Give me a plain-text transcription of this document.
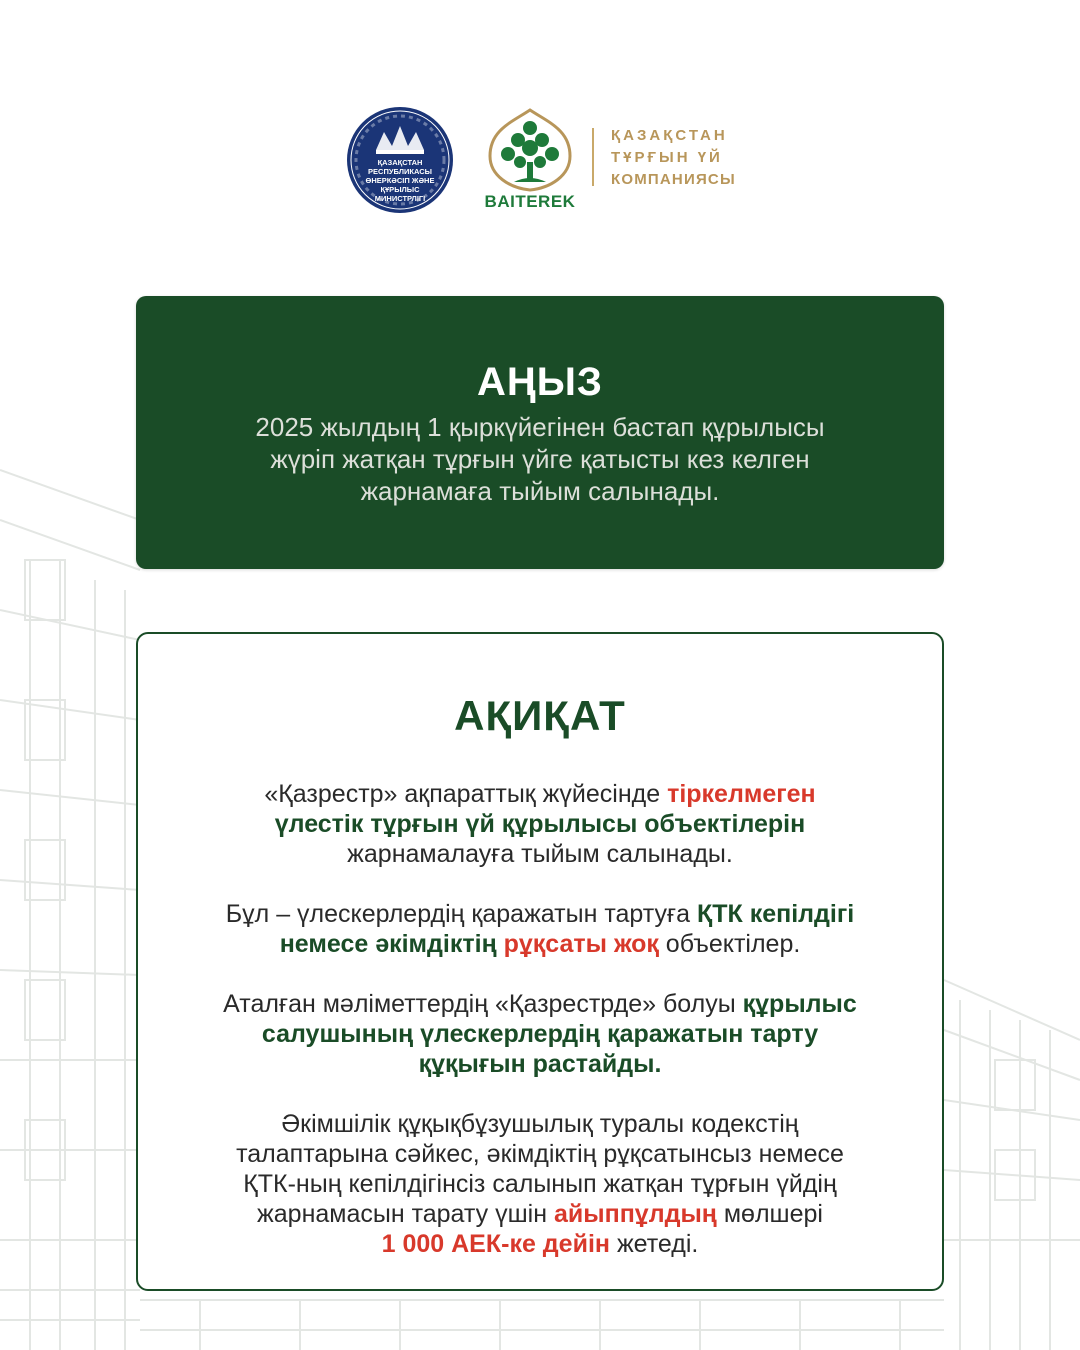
ҚАЗАҚСТАН РЕСПУБЛИКАСЫ
ӨНЕРКӘСІП ЖӘНЕ ҚҰРЫЛЫС
МИНИСТРЛІГІ	BAITEREK
ҚАЗАҚСТАН
ТҰРҒЫН ҮЙ
КОМПАНИЯСЫ
АҢЫЗ
2025 жылдың 1 қыркүйегінен бастап құрылысы
жүріп жатқан тұрғын үйге қатысты кез келген
жарнамаға тыйым салынады.
АҚИҚАТ
«Қазрестр» ақпараттық жүйесінде тіркелмеген
үлестік тұрғын үй құрылысы объектілерін
жарнамалауға тыйым салынады.
Бұл – үлескерлердің қаражатын тартуға ҚТК кепілдігі
немесе әкімдіктің рұқсаты жоқ объектілер.
Аталған мәліметтердің «Қазрестрде» болуы құрылыс
салушының үлескерлердің қаражатын тарту
құқығын растайды.
Әкімшілік құқықбұзушылық туралы кодекстің
талаптарына сәйкес, әкімдіктің рұқсатынсыз немесе
ҚТК-ның кепілдігінсіз салынып жатқан тұрғын үйдің
жарнамасын тарату үшін айыппұлдың мөлшері
1 000 АЕК-ке дейін жетеді.
